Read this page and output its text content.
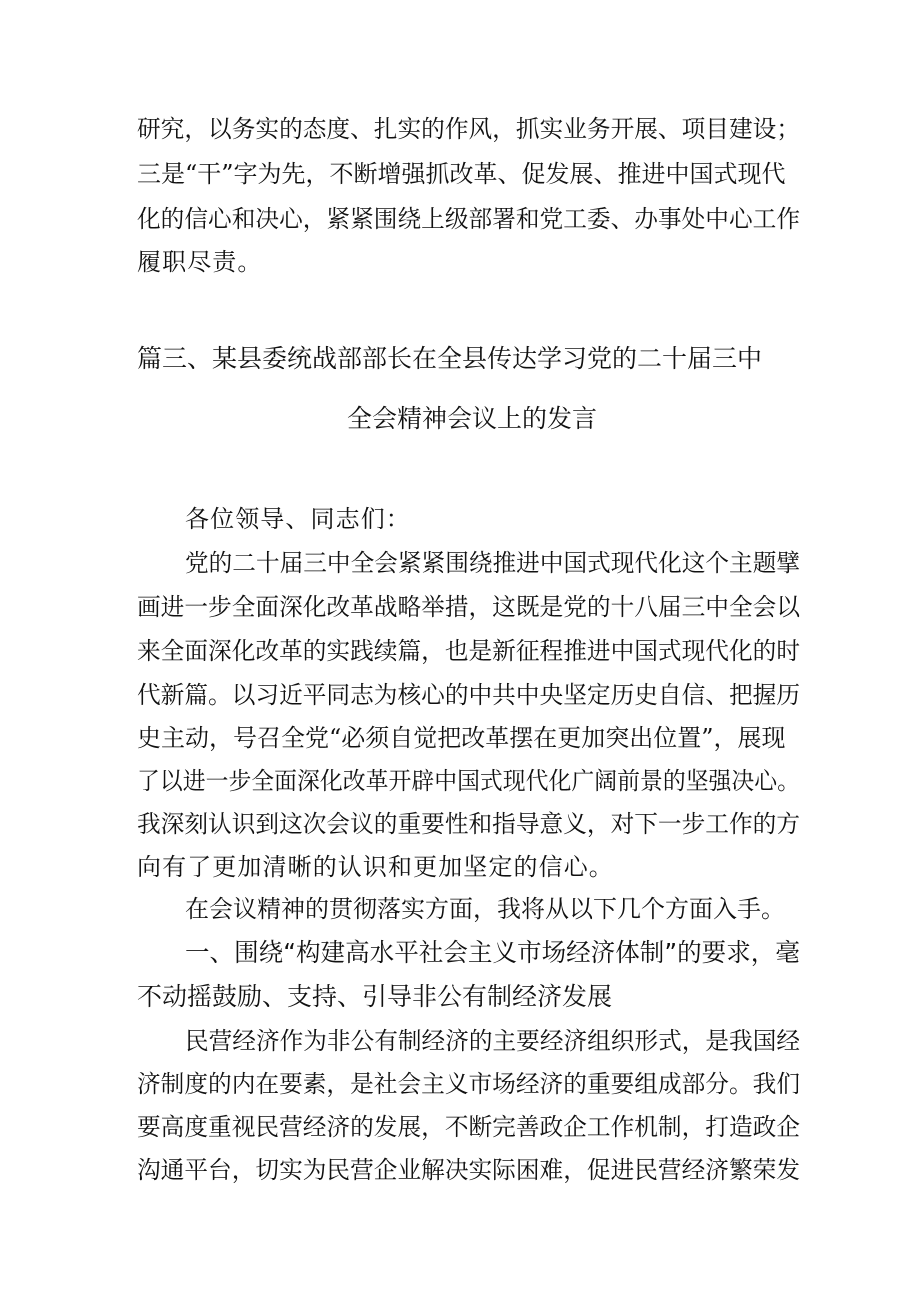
研究，以务实的态度、扎实的作风，抓实业务开展、项目建设；
三是“干”字为先，不断增强抓改革、促发展、推进中国式现代
化的信心和决心，紧紧围绕上级部署和党工委、办事处中心工作
履职尽责。
篇三、某县委统战部部长在全县传达学习党的二十届三中
全会精神会议上的发言
各位领导、同志们：
党的二十届三中全会紧紧围绕推进中国式现代化这个主题擘
画进一步全面深化改革战略举措，这既是党的十八届三中全会以
来全面深化改革的实践续篇，也是新征程推进中国式现代化的时
代新篇。以习近平同志为核心的中共中央坚定历史自信、把握历
史主动，号召全党“必须自觉把改革摆在更加突出位置”，展现
了以进一步全面深化改革开辟中国式现代化广阔前景的坚强决心。
我深刻认识到这次会议的重要性和指导意义，对下一步工作的方
向有了更加清晰的认识和更加坚定的信心。
在会议精神的贯彻落实方面，我将从以下几个方面入手。
一、围绕“构建高水平社会主义市场经济体制”的要求，毫
不动摇鼓励、支持、引导非公有制经济发展
民营经济作为非公有制经济的主要经济组织形式，是我国经
济制度的内在要素，是社会主义市场经济的重要组成部分。我们
要高度重视民营经济的发展，不断完善政企工作机制，打造政企
沟通平台，切实为民营企业解决实际困难，促进民营经济繁荣发
